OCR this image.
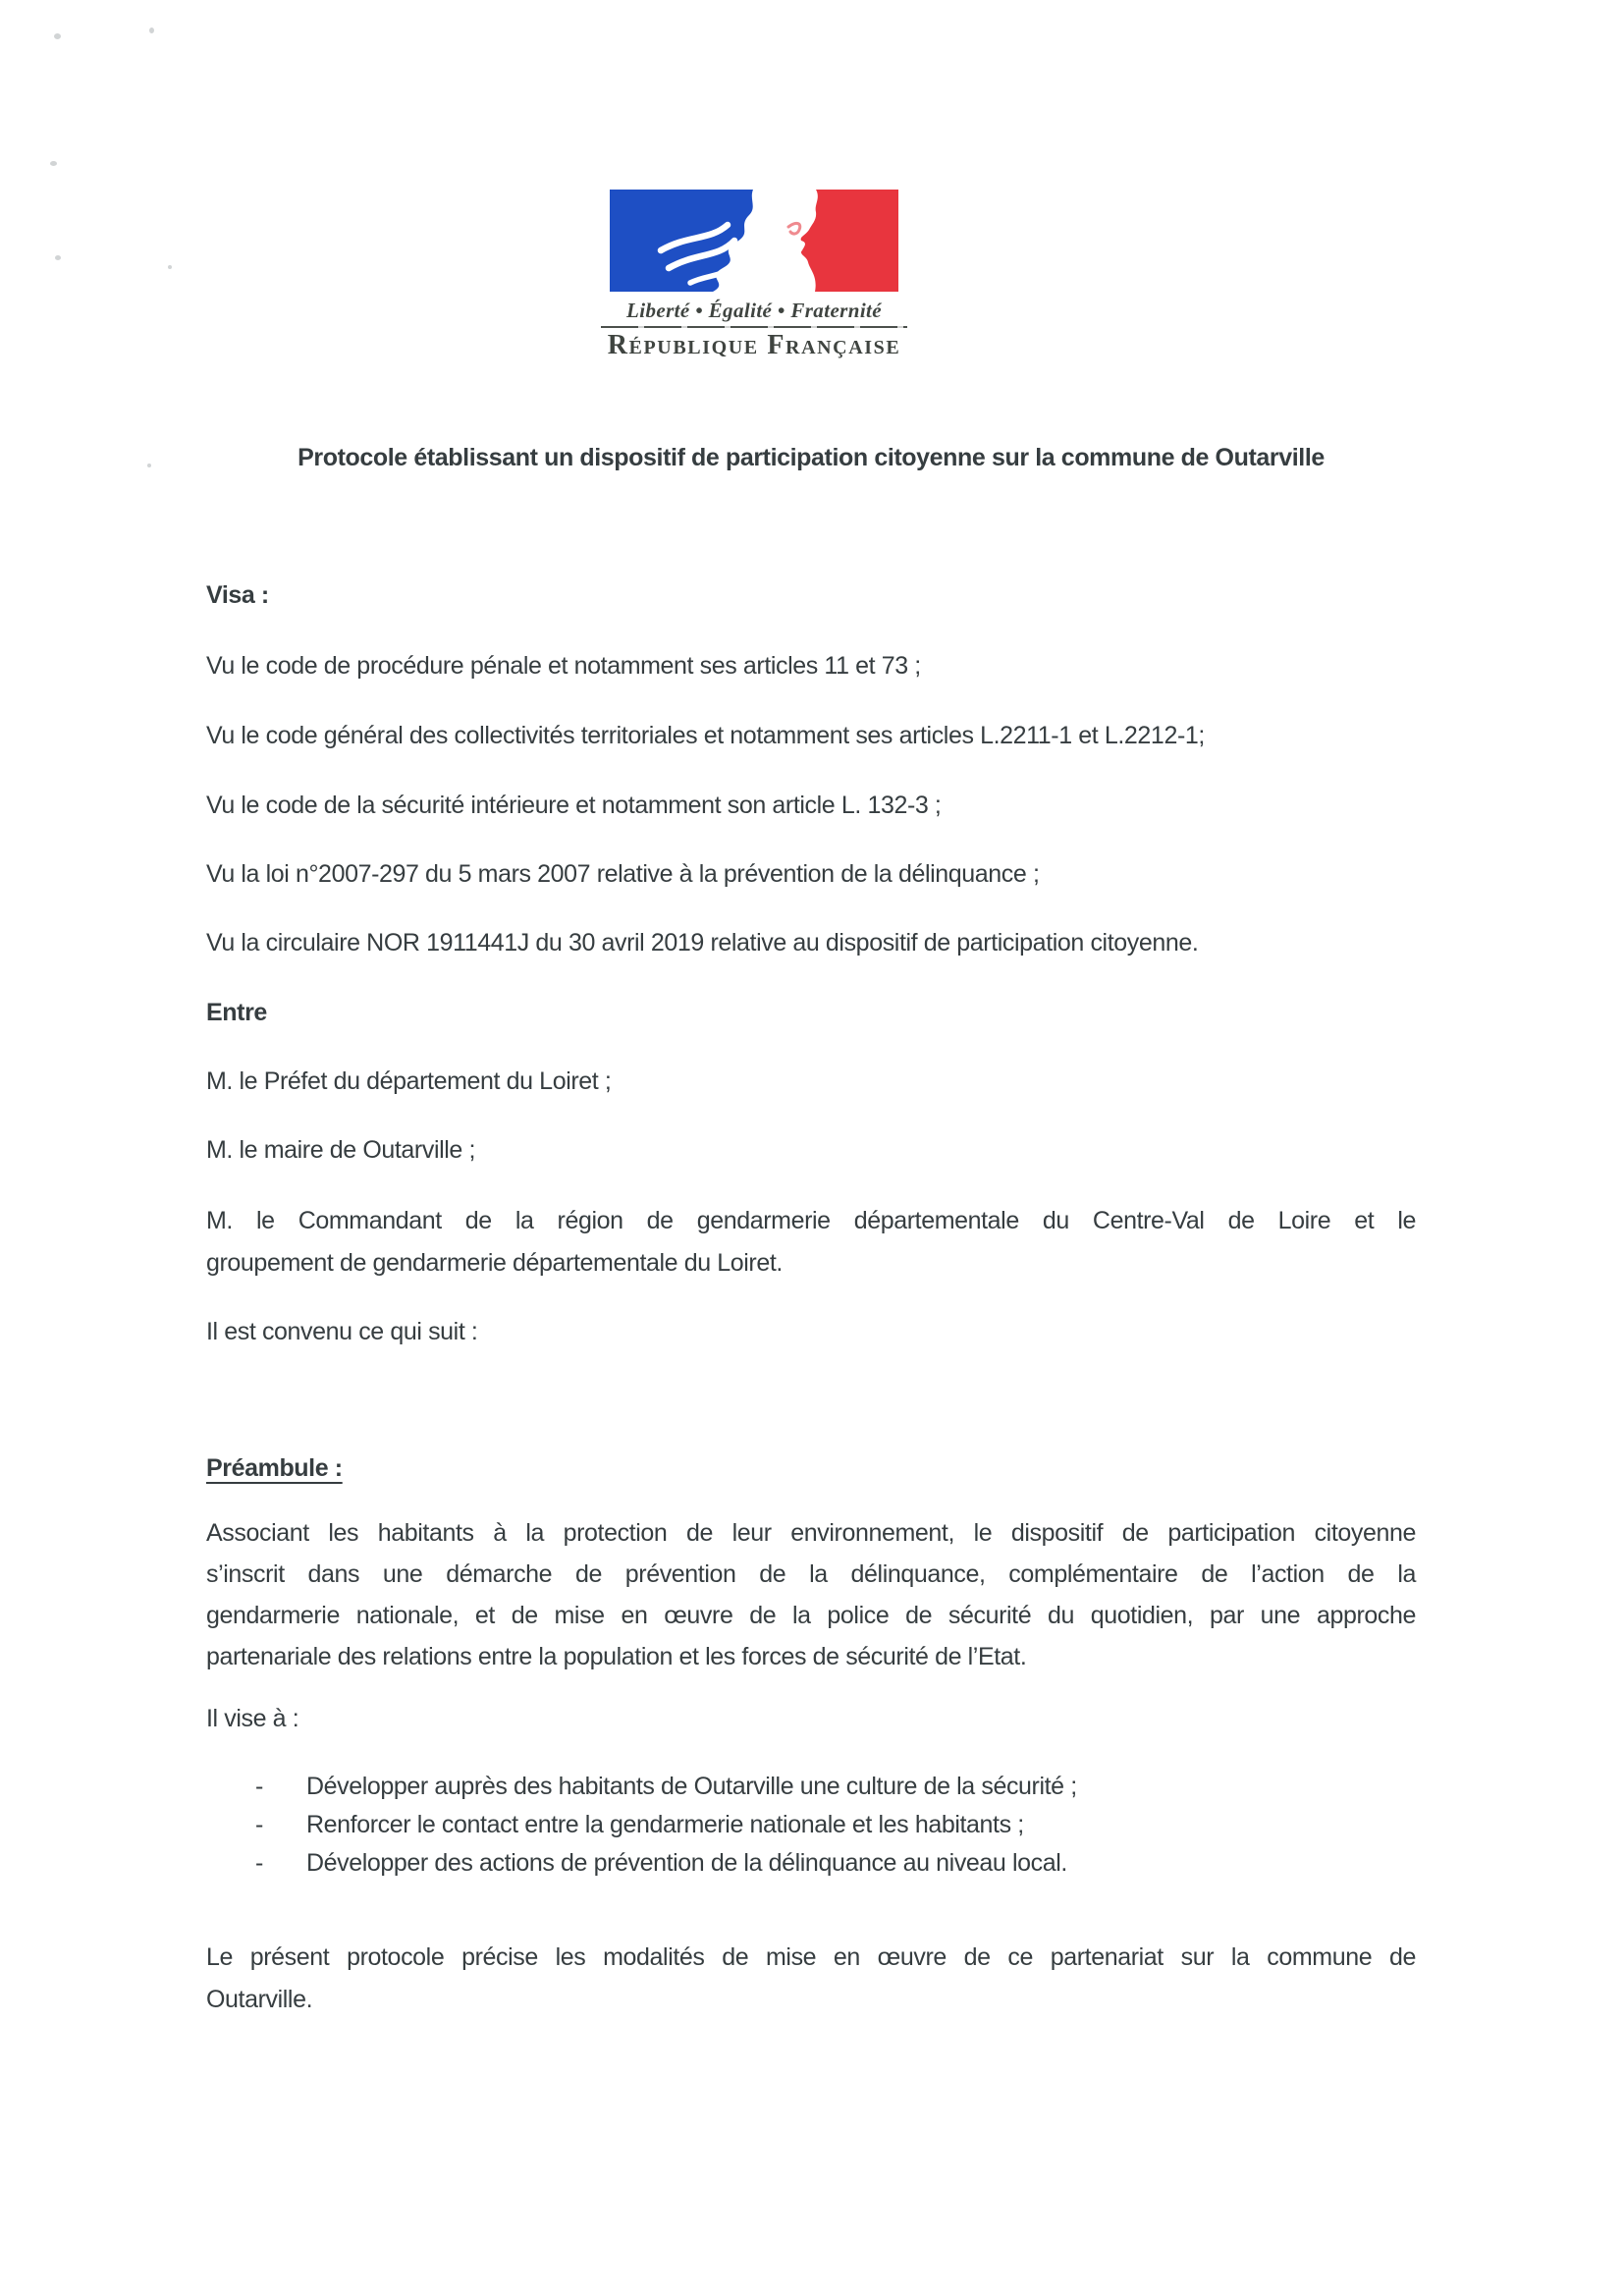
Liberté • Égalité • Fraternité
République Française
Protocole établissant un dispositif de participation citoyenne sur la commune de Outarville
Visa :
Vu le code de procédure pénale et notamment ses articles 11 et 73 ;
Vu le code général des collectivités territoriales et notamment ses articles L.2211-1 et L.2212-1;
Vu le code de la sécurité intérieure et notamment son article L. 132-3 ;
Vu la loi n°2007-297 du 5 mars 2007 relative à la prévention de la délinquance ;
Vu la circulaire NOR 1911441J du 30 avril 2019 relative au dispositif de participation citoyenne.
Entre
M. le Préfet du département du Loiret ;
M. le maire de Outarville ;
M. le Commandant de la région de gendarmerie départementale du Centre-Val de Loire et le
groupement de gendarmerie départementale du Loiret.
Il est convenu ce qui suit :
Préambule :
Associant les habitants à la protection de leur environnement, le dispositif de participation citoyenne
s’inscrit dans une démarche de prévention de la délinquance, complémentaire de l’action de la
gendarmerie nationale, et de mise en œuvre de la police de sécurité du quotidien, par une approche
partenariale des relations entre la population et les forces de sécurité de l’Etat.
Il vise à :
-	Développer auprès des habitants de Outarville une culture de la sécurité ;
-	Renforcer le contact entre la gendarmerie nationale et les habitants ;
-	Développer des actions de prévention de la délinquance au niveau local.
Le présent protocole précise les modalités de mise en œuvre de ce partenariat sur la commune de
Outarville.
